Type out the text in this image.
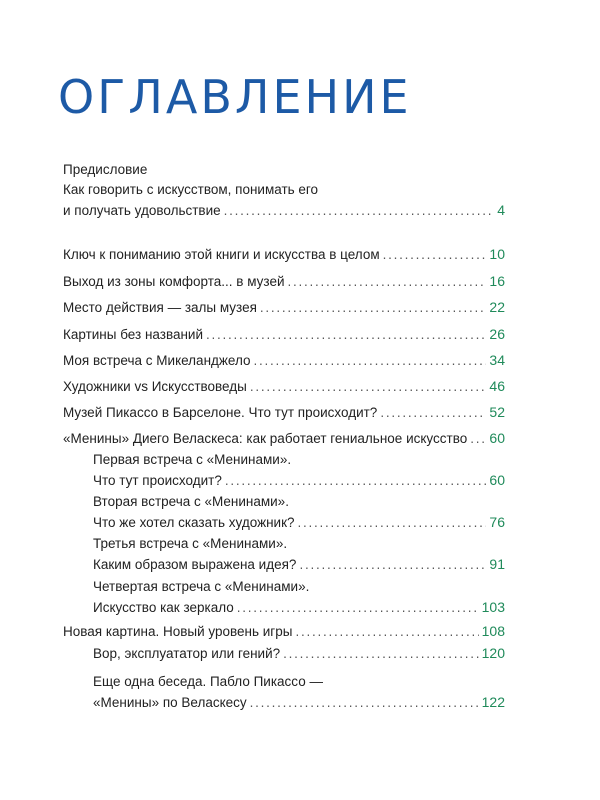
ОГЛАВЛЕНИЕ
Предисловие
Как говорить с искусством, понимать его
и получать удовольствие . . .	4
Ключ к пониманию этой книги и искусства в целом . . .	10
Выход из зоны комфорта... в музей . . .	16
Место действия — залы музея . . .	22
Картины без названий . . .	26
Моя встреча с Микеланджело . . .	34
Художники vs Искусствоведы . . .	46
Музей Пикассо в Барселоне. Что тут происходит? . . .	52
«Менины» Диего Веласкеса: как работает гениальное искусство . . . 60
Первая встреча с «Менинами».
Что тут происходит? . . .	60
Вторая встреча с «Менинами».
Что же хотел сказать художник? . . .	76
Третья встреча с «Менинами».
Каким образом выражена идея? . . .	91
Четвертая встреча с «Менинами».
Искусство как зеркало . . .	103
Новая картина. Новый уровень игры . . .	108
Вор, эксплуататор или гений? . . .	120
Еще одна беседа. Пабло Пикассо —
«Менины» по Веласкесу . . .	122
